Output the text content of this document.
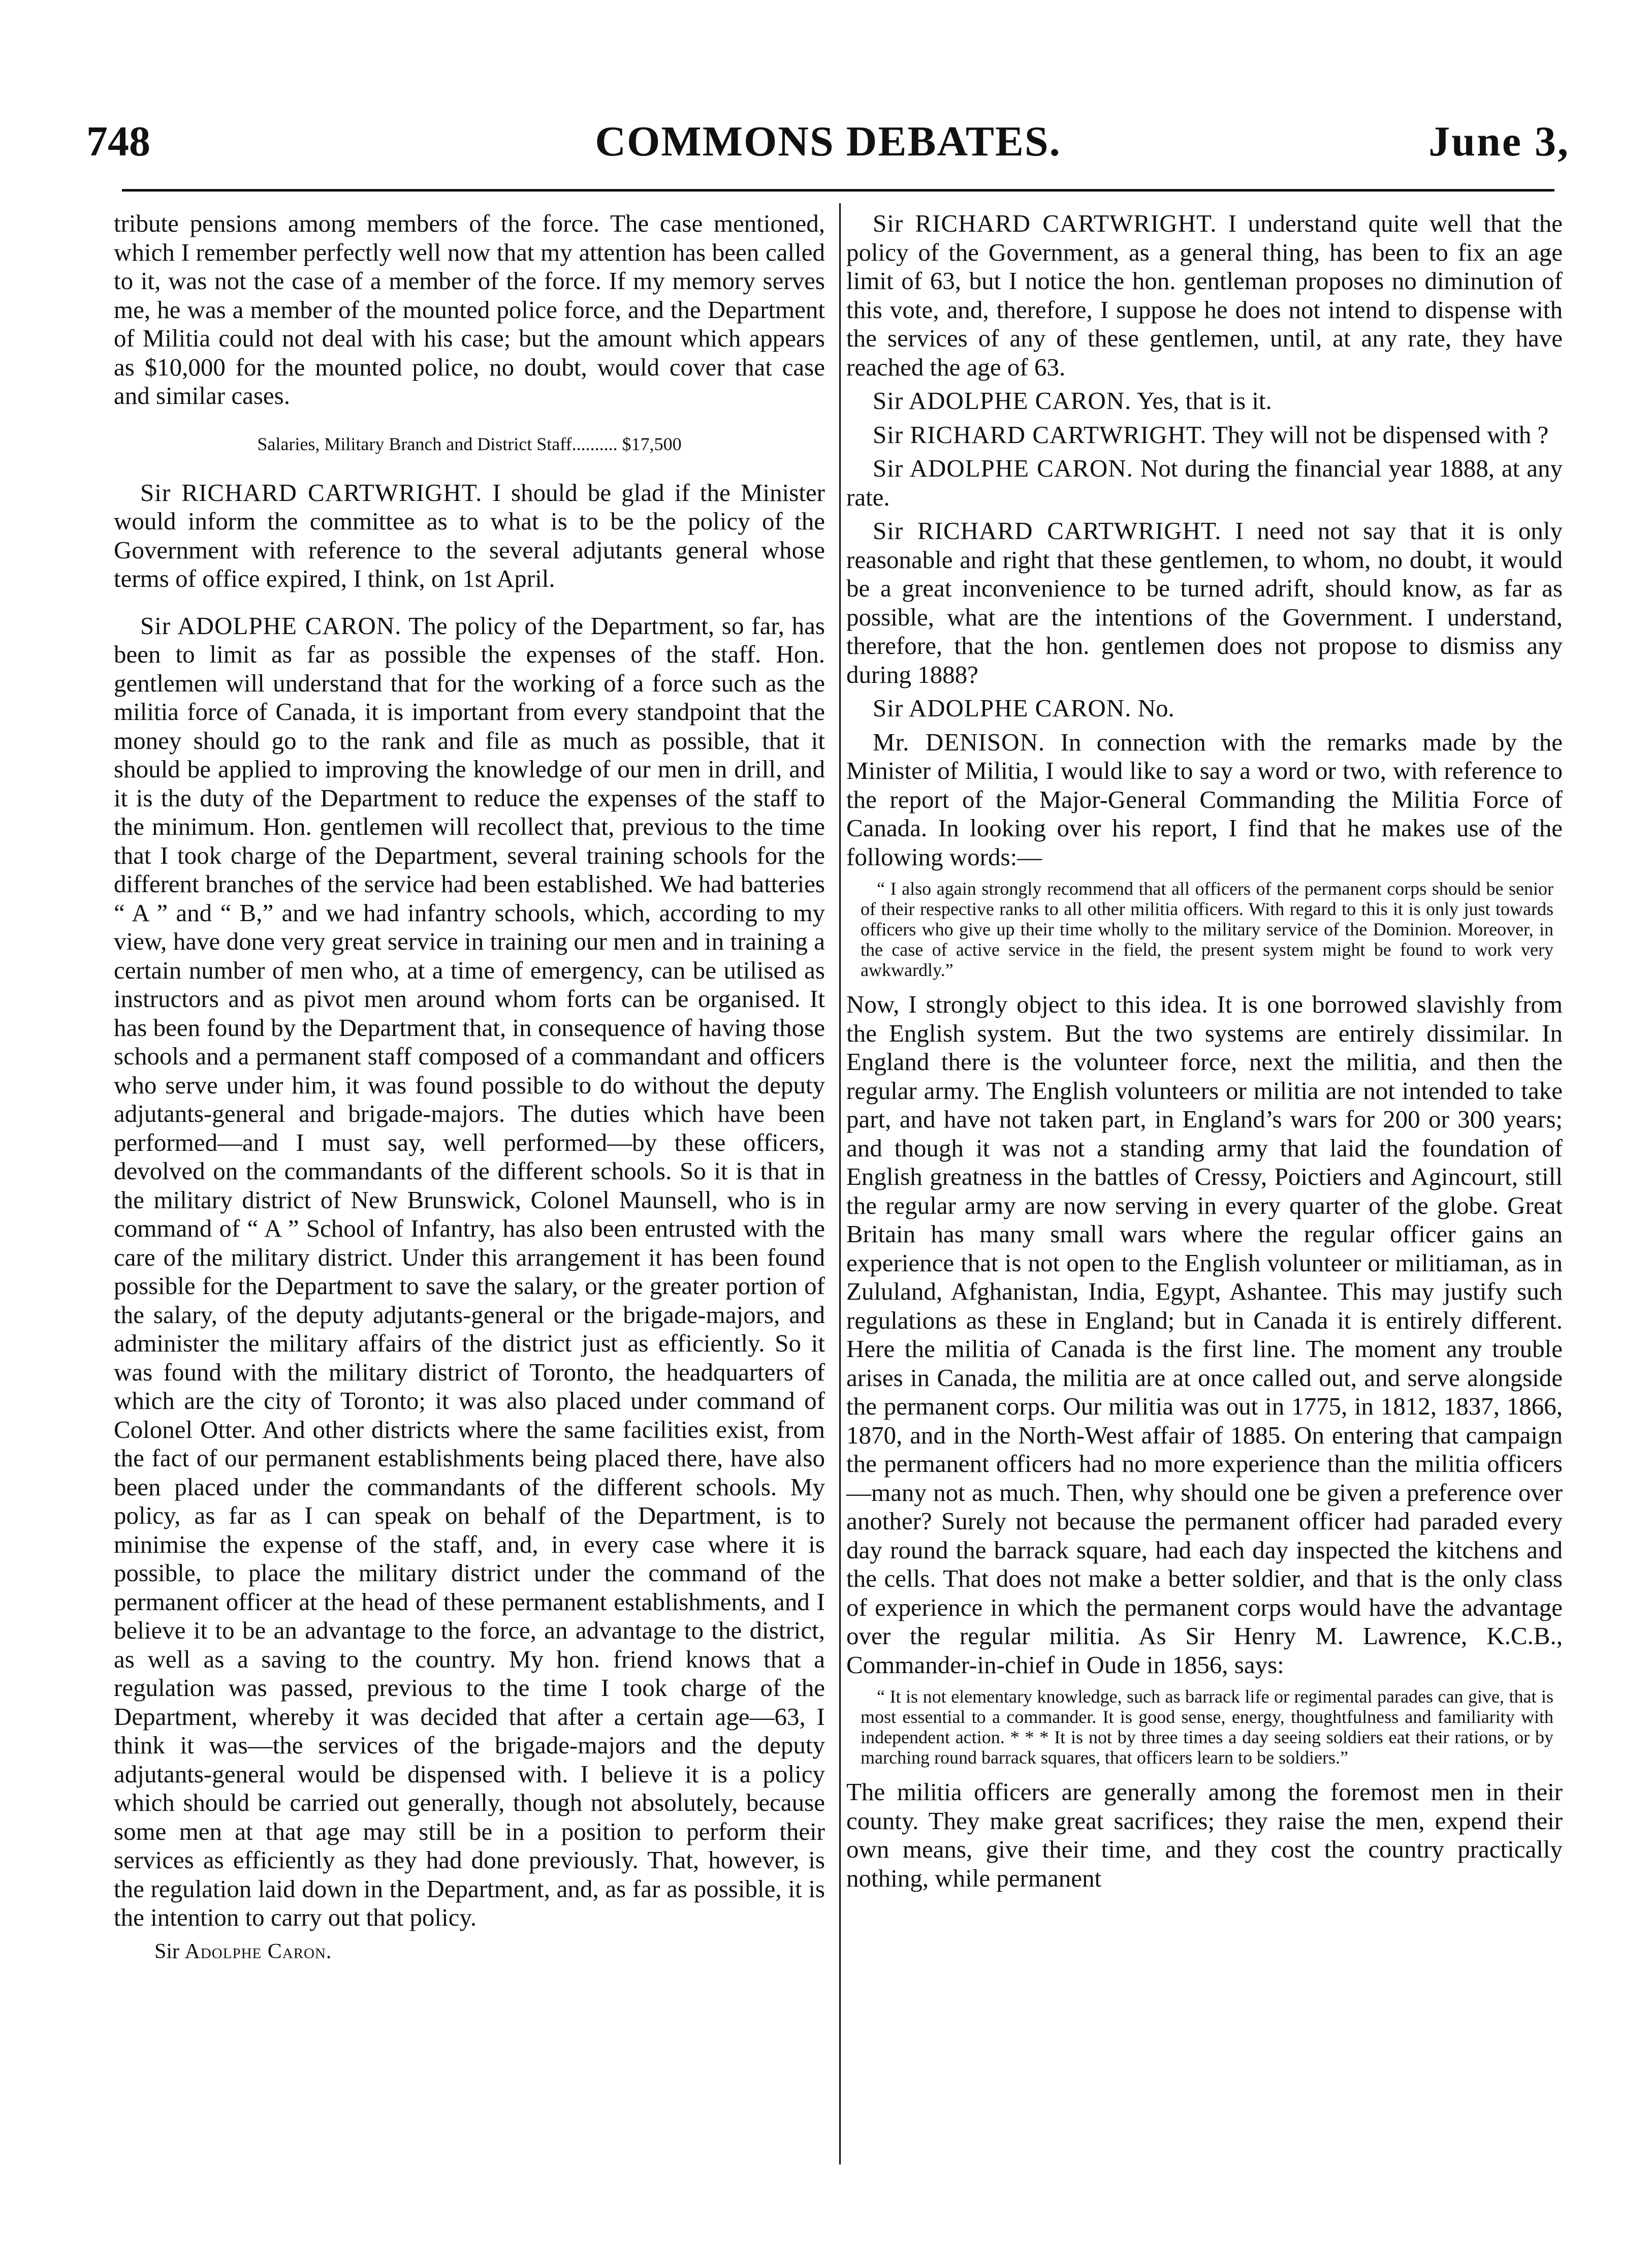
748	COMMONS DEBATES.	June 3,

tribute pensions among members of the force. The case mentioned, which I remember perfectly well now that my attention has been called to it, was not the case of a member of the force. If my memory serves me, he was a member of the mounted police force, and the Department of Militia could not deal with his case; but the amount which appears as $10,000 for the mounted police, no doubt, would cover that case and similar cases.

Salaries, Military Branch and District Staff.......... $17,500

Sir RICHARD CARTWRIGHT. I should be glad if the Minister would inform the committee as to what is to be the policy of the Government with reference to the several adjutants general whose terms of office expired, I think, on 1st April.

Sir ADOLPHE CARON. The policy of the Department, so far, has been to limit as far as possible the expenses of the staff. Hon. gentlemen will understand that for the working of a force such as the militia force of Canada, it is important from every standpoint that the money should go to the rank and file as much as possible, that it should be applied to improving the knowledge of our men in drill, and it is the duty of the Department to reduce the expenses of the staff to the minimum. Hon. gentlemen will recollect that, previous to the time that I took charge of the Department, several training schools for the different branches of the service had been established. We had batteries “ A ” and “ B,” and we had infantry schools, which, according to my view, have done very great service in training our men and in training a certain number of men who, at a time of emergency, can be utilised as instructors and as pivot men around whom forts can be organised. It has been found by the Department that, in consequence of having those schools and a permanent staff composed of a commandant and officers who serve under him, it was found possible to do without the deputy adjutants-general and brigade-majors. The duties which have been performed—and I must say, well performed—by these officers, devolved on the commandants of the different schools. So it is that in the military district of New Brunswick, Colonel Maunsell, who is in command of “ A ” School of Infantry, has also been entrusted with the care of the military district. Under this arrangement it has been found possible for the Department to save the salary, or the greater portion of the salary, of the deputy adjutants-general or the brigade-majors, and administer the military affairs of the district just as efficiently. So it was found with the military district of Toronto, the headquarters of which are the city of Toronto; it was also placed under command of Colonel Otter. And other districts where the same facilities exist, from the fact of our permanent establishments being placed there, have also been placed under the commandants of the different schools. My policy, as far as I can speak on behalf of the Department, is to minimise the expense of the staff, and, in every case where it is possible, to place the military district under the command of the permanent officer at the head of these permanent establishments, and I believe it to be an advantage to the force, an advantage to the district, as well as a saving to the country. My hon. friend knows that a regulation was passed, previous to the time I took charge of the Department, whereby it was decided that after a certain age—63, I think it was—the services of the brigade-majors and the deputy adjutants-general would be dispensed with. I believe it is a policy which should be carried out generally, though not absolutely, because some men at that age may still be in a position to perform their services as efficiently as they had done previously. That, however, is the regulation laid down in the Department, and, as far as possible, it is the intention to carry out that policy.

Sir Adolphe Caron.

Sir RICHARD CARTWRIGHT. I understand quite well that the policy of the Government, as a general thing, has been to fix an age limit of 63, but I notice the hon. gentleman proposes no diminution of this vote, and, therefore, I suppose he does not intend to dispense with the services of any of these gentlemen, until, at any rate, they have reached the age of 63.

Sir ADOLPHE CARON. Yes, that is it.

Sir RICHARD CARTWRIGHT. They will not be dispensed with ?

Sir ADOLPHE CARON. Not during the financial year 1888, at any rate.

Sir RICHARD CARTWRIGHT. I need not say that it is only reasonable and right that these gentlemen, to whom, no doubt, it would be a great inconvenience to be turned adrift, should know, as far as possible, what are the intentions of the Government. I understand, therefore, that the hon. gentlemen does not propose to dismiss any during 1888?

Sir ADOLPHE CARON. No.

Mr. DENISON. In connection with the remarks made by the Minister of Militia, I would like to say a word or two, with reference to the report of the Major-General Commanding the Militia Force of Canada. In looking over his report, I find that he makes use of the following words:—

“ I also again strongly recommend that all officers of the permanent corps should be senior of their respective ranks to all other militia officers. With regard to this it is only just towards officers who give up their time wholly to the military service of the Dominion. Moreover, in the case of active service in the field, the present system might be found to work very awkwardly.”

Now, I strongly object to this idea. It is one borrowed slavishly from the English system. But the two systems are entirely dissimilar. In England there is the volunteer force, next the militia, and then the regular army. The English volunteers or militia are not intended to take part, and have not taken part, in England’s wars for 200 or 300 years; and though it was not a standing army that laid the foundation of English greatness in the battles of Cressy, Poictiers and Agincourt, still the regular army are now serving in every quarter of the globe. Great Britain has many small wars where the regular officer gains an experience that is not open to the English volunteer or militiaman, as in Zululand, Afghanistan, India, Egypt, Ashantee. This may justify such regulations as these in England; but in Canada it is entirely different. Here the militia of Canada is the first line. The moment any trouble arises in Canada, the militia are at once called out, and serve alongside the permanent corps. Our militia was out in 1775, in 1812, 1837, 1866, 1870, and in the North-West affair of 1885. On entering that campaign the permanent officers had no more experience than the militia officers—many not as much. Then, why should one be given a preference over another? Surely not because the permanent officer had paraded every day round the barrack square, had each day inspected the kitchens and the cells. That does not make a better soldier, and that is the only class of experience in which the permanent corps would have the advantage over the regular militia. As Sir Henry M. Lawrence, K.C.B., Commander-in-chief in Oude in 1856, says:

“ It is not elementary knowledge, such as barrack life or regimental parades can give, that is most essential to a commander. It is good sense, energy, thoughtfulness and familiarity with independent action. * * * It is not by three times a day seeing soldiers eat their rations, or by marching round barrack squares, that officers learn to be soldiers.”

The militia officers are generally among the foremost men in their county. They make great sacrifices; they raise the men, expend their own means, give their time, and they cost the country practically nothing, while permanent
